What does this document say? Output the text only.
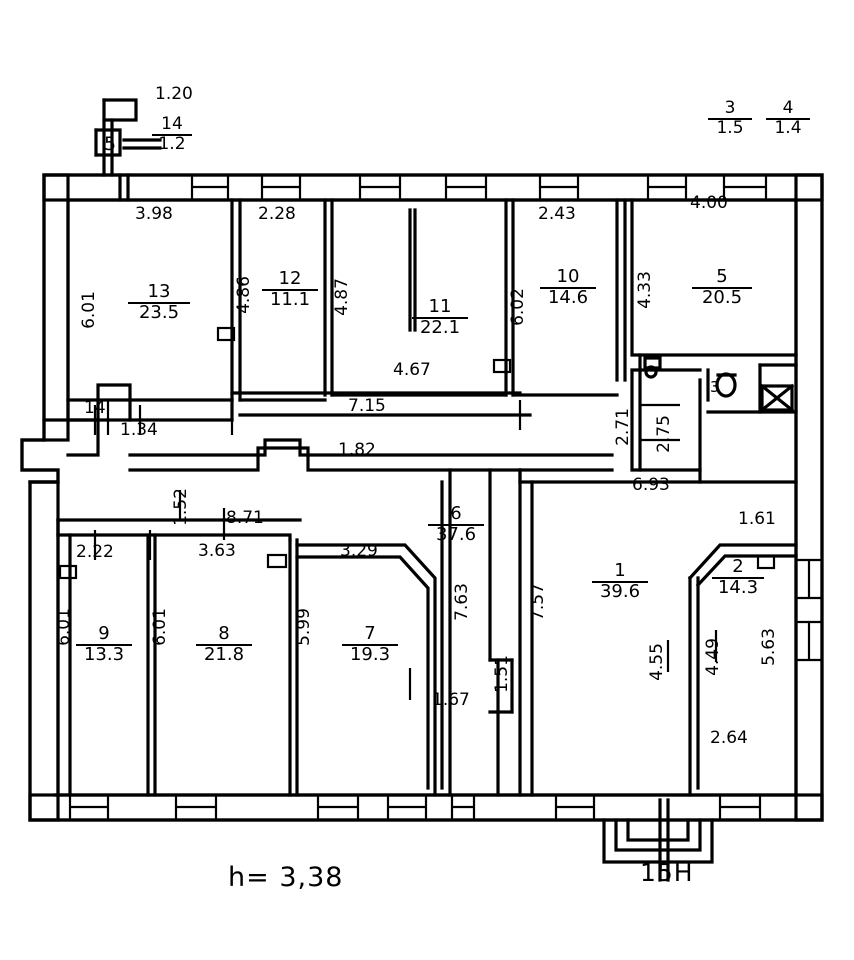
$\frac{13}{23.5}$	$\frac{12}{11.1}$
$\frac{11}{22.1}$
$\frac{10}{14.6}$	$\frac{5}{20.5}$
$\frac{6}{37.6}$
$\frac{9}{13.3}$	$\frac{8}{21.8}$	$\frac{7}{19.3}$
$\frac{1}{39.6}$	$\frac{2}{14.3}$
$\frac{14}{1.2}$	$\frac{3}{1.5} \frac{4}{1.4}$
5
14
3
1.20
3.98	2.28	2.43
4.00
4.67
7.15
1.34
1.82
6.93
8.71
2.22	3.63	3.29
1.61
1.67
2.64
6.01	4.86	4.87	6.02	4.33
2.71 2.75
1.52
6.01	6.01	5.99
7.63	7.57
1.51	4.55 4.49 5.63
h= 3,38	15H
